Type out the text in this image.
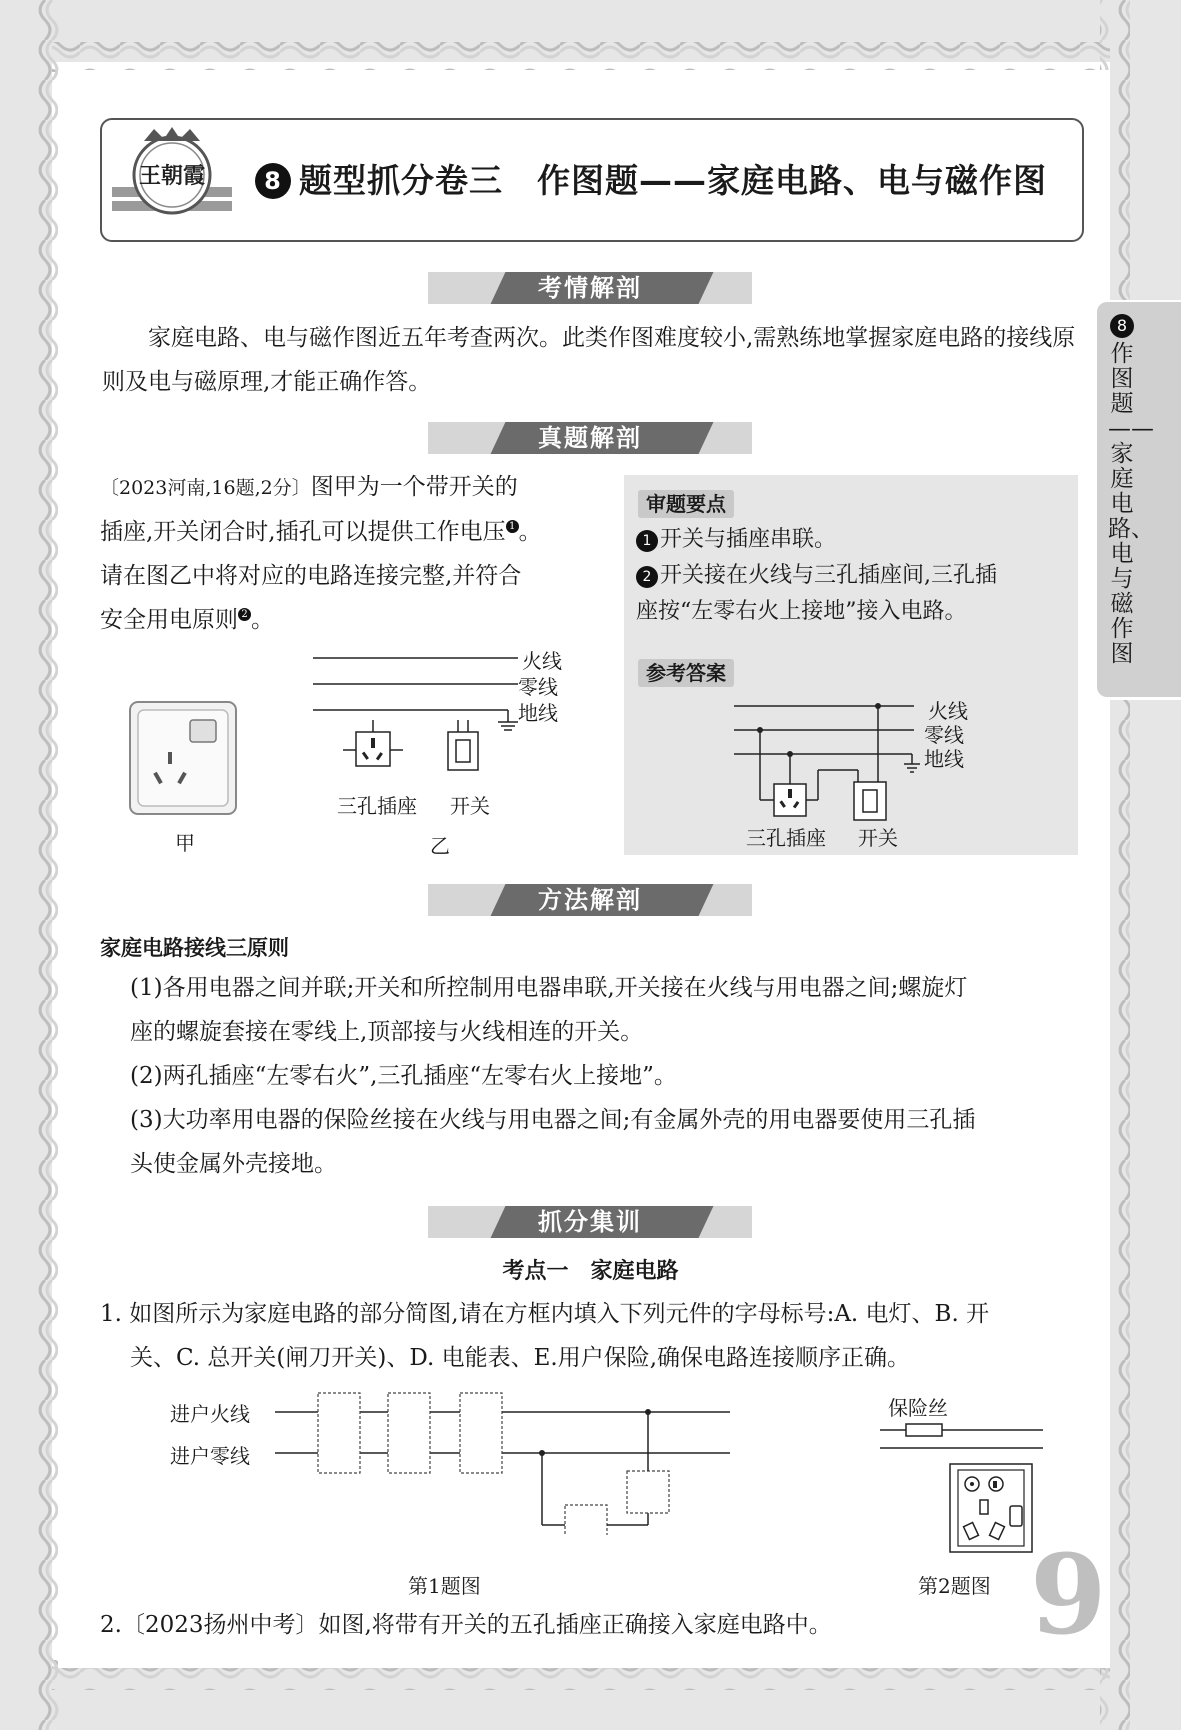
王朝霞	8 题型抓分卷三　作图题——家庭电路、电与磁作图
8作图题——家庭电路、电与磁作图
考情解剖
家庭电路、电与磁作图近五年考查两次。此类作图难度较小,需熟练地掌握家庭电路的接线原则及电与磁原理,才能正确作答。
真题解剖
〔2023河南,16题,2分〕图甲为一个带开关的
插座,开关闭合时,插孔可以提供工作电压 1 。
请在图乙中将对应的电路连接完整,并符合
安全用电原则 2 。
甲
火线
零线
地线
三孔插座 开关
乙
审题要点
1 开关与插座串联。
2 开关接在火线与三孔插座间,三孔插
座按“左零右火上接地”接入电路。
参考答案
火线
零线
地线
三孔插座 开关
方法解剖
家庭电路接线三原则
(1)各用电器之间并联;开关和所控制用电器串联,开关接在火线与用电器之间;螺旋灯
座的螺旋套接在零线上,顶部接与火线相连的开关。
(2)两孔插座“左零右火”,三孔插座“左零右火上接地”。
(3)大功率用电器的保险丝接在火线与用电器之间;有金属外壳的用电器要使用三孔插
头使金属外壳接地。
抓分集训
考点一　家庭电路
1. 如图所示为家庭电路的部分简图,请在方框内填入下列元件的字母标号:A. 电灯、B. 开
关、C. 总开关(闸刀开关)、D. 电能表、E.用户保险,确保电路连接顺序正确。
进户火线
进户零线
第1题图
保险丝
第2题图
2.〔2023扬州中考〕如图,将带有开关的五孔插座正确接入家庭电路中。	9
